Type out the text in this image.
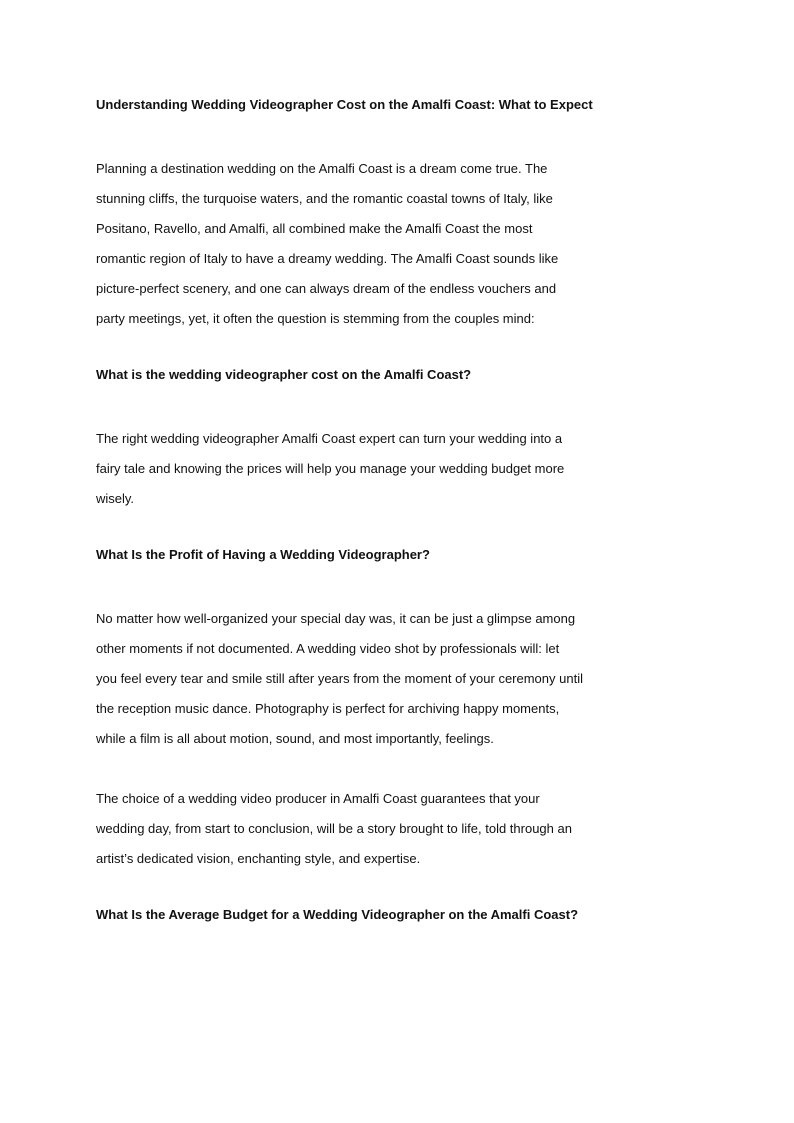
Understanding Wedding Videographer Cost on the Amalfi Coast: What to Expect

Planning a destination wedding on the Amalfi Coast is a dream come true. The
stunning cliffs, the turquoise waters, and the romantic coastal towns of Italy, like
Positano, Ravello, and Amalfi, all combined make the Amalfi Coast the most
romantic region of Italy to have a dreamy wedding. The Amalfi Coast sounds like
picture-perfect scenery, and one can always dream of the endless vouchers and
party meetings, yet, it often the question is stemming from the couples mind:

What is the wedding videographer cost on the Amalfi Coast?

The right wedding videographer Amalfi Coast expert can turn your wedding into a
fairy tale and knowing the prices will help you manage your wedding budget more
wisely.

What Is the Profit of Having a Wedding Videographer?

No matter how well-organized your special day was, it can be just a glimpse among
other moments if not documented. A wedding video shot by professionals will: let
you feel every tear and smile still after years from the moment of your ceremony until
the reception music dance. Photography is perfect for archiving happy moments,
while a film is all about motion, sound, and most importantly, feelings.

The choice of a wedding video producer in Amalfi Coast guarantees that your
wedding day, from start to conclusion, will be a story brought to life, told through an
artist’s dedicated vision, enchanting style, and expertise.

What Is the Average Budget for a Wedding Videographer on the Amalfi Coast?
